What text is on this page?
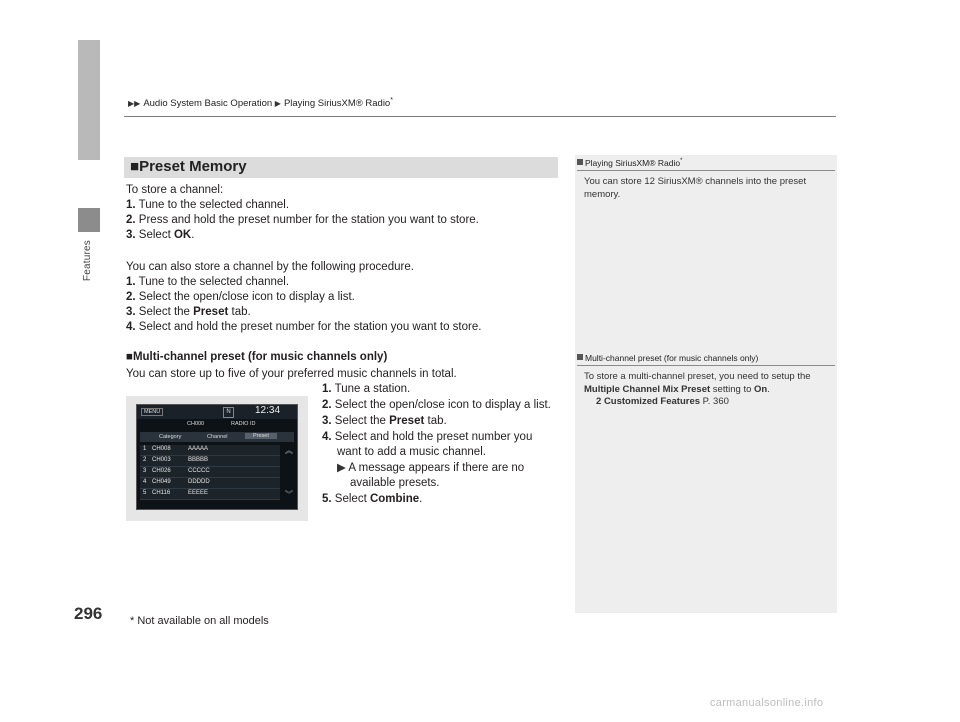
Features
296
▶▶ Audio System Basic Operation ▶ Playing SiriusXM® Radio*
■Preset Memory
To store a channel:
1. Tune to the selected channel.
2. Press and hold the preset number for the station you want to store.
3. Select OK.
You can also store a channel by the following procedure.
1. Tune to the selected channel.
2. Select the open/close icon to display a list.
3. Select the Preset tab.
4. Select and hold the preset number for the station you want to store.
■Multi-channel preset (for music channels only)
You can store up to five of your preferred music channels in total.
1. Tune a station.
2. Select the open/close icon to display a list.
3. Select the Preset tab.
4. Select and hold the preset number you
want to add a music channel.
▶ A message appears if there are no
available presets.
5. Select Combine.
MENU	N	12:34
CH000	RADIO ID
Category	Channel	Preset
1 CH008	AAAAA
2 CH003	BBBBB
3 CH026	CCCCC
4 CH049	DDDDD
5 CH116	EEEEE
︽
︾
Playing SiriusXM® Radio*
You can store 12 SiriusXM® channels into the preset memory.
Multi-channel preset (for music channels only)
To store a multi-channel preset, you need to setup the Multiple Channel Mix Preset setting to On.
2 Customized Features P. 360
* Not available on all models
carmanualsonline.info
